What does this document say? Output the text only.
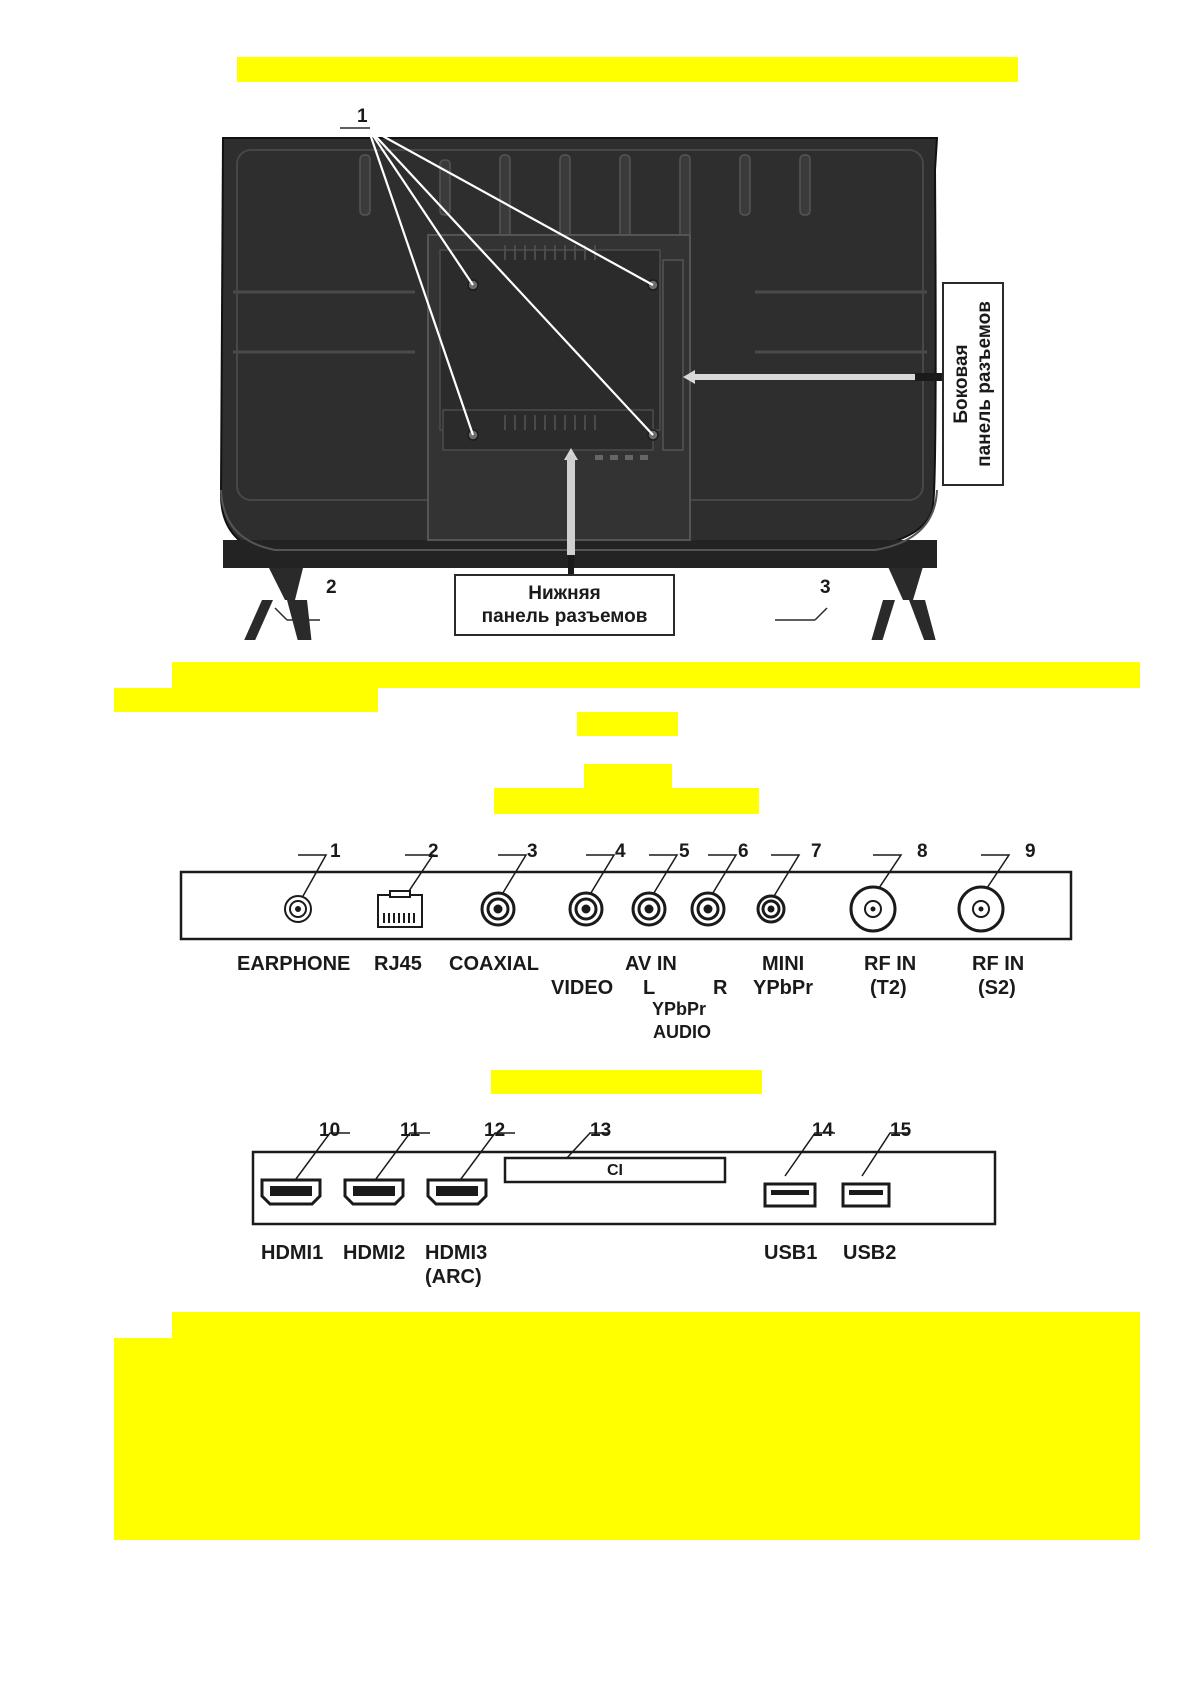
1
2	3
Нижняя
панель разъемов
Боковая панель разъемов
1	2	3	4	5	6	7	8	9
EARPHONE RJ45 COAXIAL	AV IN
VIDEO L	R
YPbPr
AUDIO
MINI
YPbPr
RF IN
(T2)
RF IN
(S2)
10	11	12	13	14	15
CI
HDMI1 HDMI2 HDMI3
(ARC)
USB1 USB2
